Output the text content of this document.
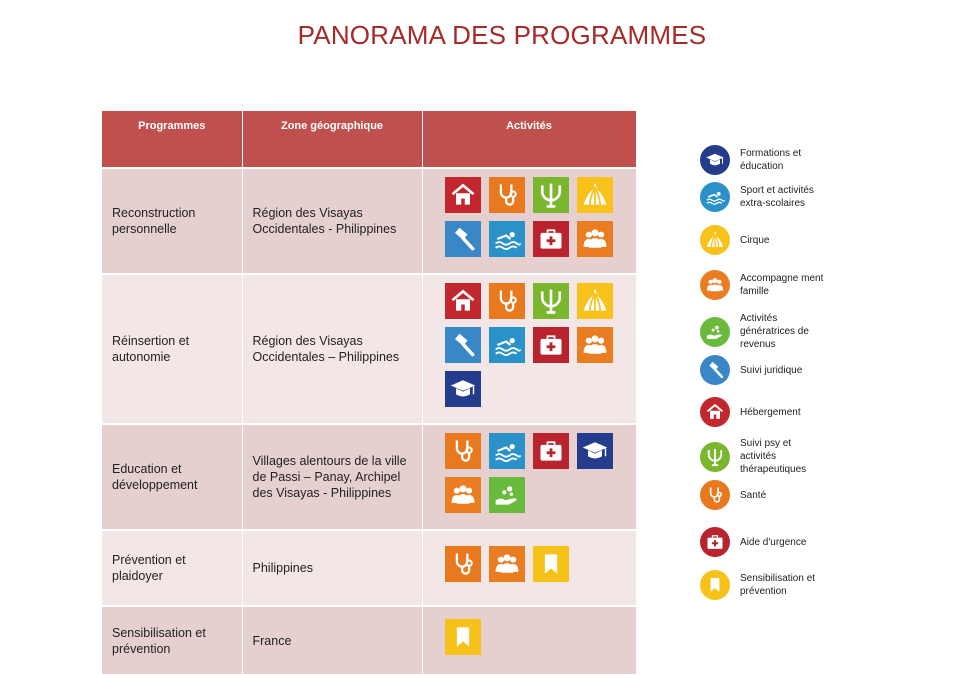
PANORAMA DES PROGRAMMES
Programmes	Zone géographique	Activités
Reconstruction personnelle	Région des Visayas Occidentales - Philippines	

Réinsertion et autonomie	Région des Visayas Occidentales – Philippines	

Education et développement	Villages alentours de la ville de Passi – Panay, Archipel des Visayas - Philippines	

Prévention et plaidoyer	Philippines	

Sensibilisation et prévention	France	
Formations et éducation
Sport et activités extra-scolaires
Cirque
Accompagne ment famille
Activités génératrices de revenus
Suivi juridique
Hébergement
Suivi psy et activités thérapeutiques
Santé
Aide d'urgence
Sensibilisation et prévention
